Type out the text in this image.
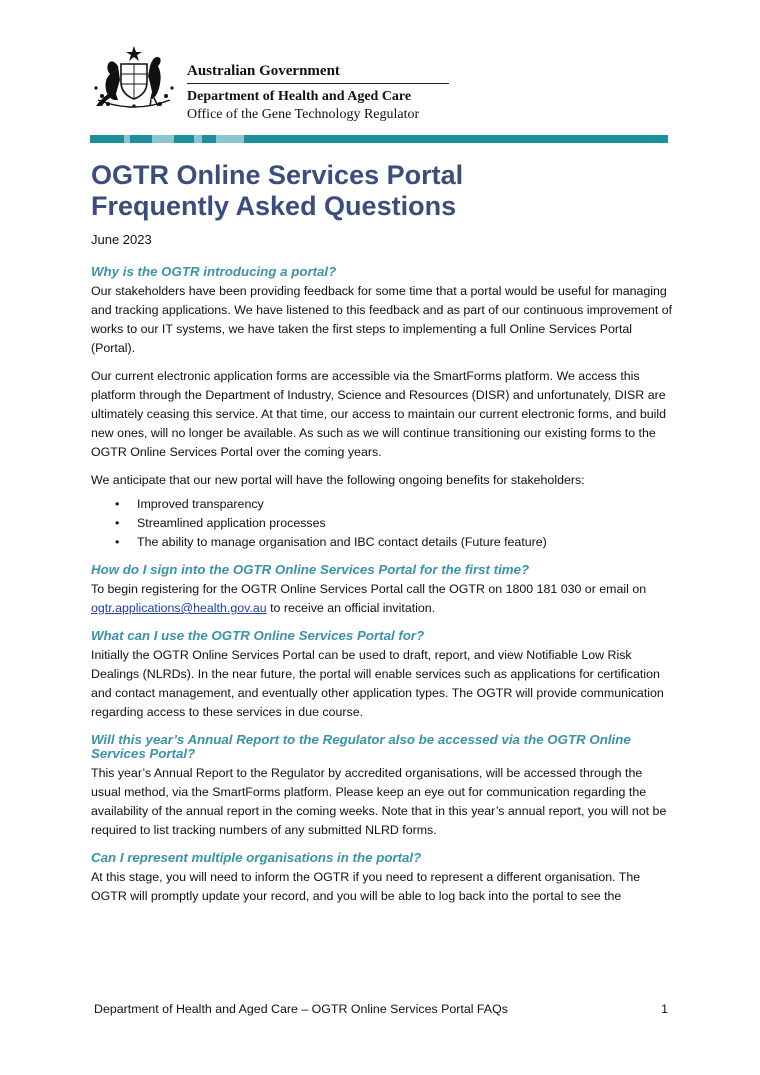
Australian Government
Department of Health and Aged Care
Office of the Gene Technology Regulator
OGTR Online Services Portal
Frequently Asked Questions
June 2023
Why is the OGTR introducing a portal?

Our stakeholders have been providing feedback for some time that a portal would be useful for managing and tracking applications. We have listened to this feedback and as part of our continuous improvement of works to our IT systems, we have taken the first steps to implementing a full Online Services Portal (Portal).

Our current electronic application forms are accessible via the SmartForms platform. We access this platform through the Department of Industry, Science and Resources (DISR) and unfortunately, DISR are ultimately ceasing this service. At that time, our access to maintain our current electronic forms, and build new ones, will no longer be available. As such as we will continue transitioning our existing forms to the OGTR Online Services Portal over the coming years.

We anticipate that our new portal will have the following ongoing benefits for stakeholders:

• Improved transparency
• Streamlined application processes
• The ability to manage organisation and IBC contact details (Future feature)
How do I sign into the OGTR Online Services Portal for the first time?

To begin registering for the OGTR Online Services Portal call the OGTR on 1800 181 030 or email on
ogtr.applications@health.gov.au to receive an official invitation.

What can I use the OGTR Online Services Portal for?

Initially the OGTR Online Services Portal can be used to draft, report, and view Notifiable Low Risk Dealings (NLRDs). In the near future, the portal will enable services such as applications for certification and contact management, and eventually other application types. The OGTR will provide communication regarding access to these services in due course.

Will this year’s Annual Report to the Regulator also be accessed via the OGTR Online Services Portal?

This year’s Annual Report to the Regulator by accredited organisations, will be accessed through the usual method, via the SmartForms platform. Please keep an eye out for communication regarding the availability of the annual report in the coming weeks. Note that in this year’s annual report, you will not be required to list tracking numbers of any submitted NLRD forms.

Can I represent multiple organisations in the portal?

At this stage, you will need to inform the OGTR if you need to represent a different organisation. The OGTR will promptly update your record, and you will be able to log back into the portal to see the

Department of Health and Aged Care – OGTR Online Services Portal FAQs	1
